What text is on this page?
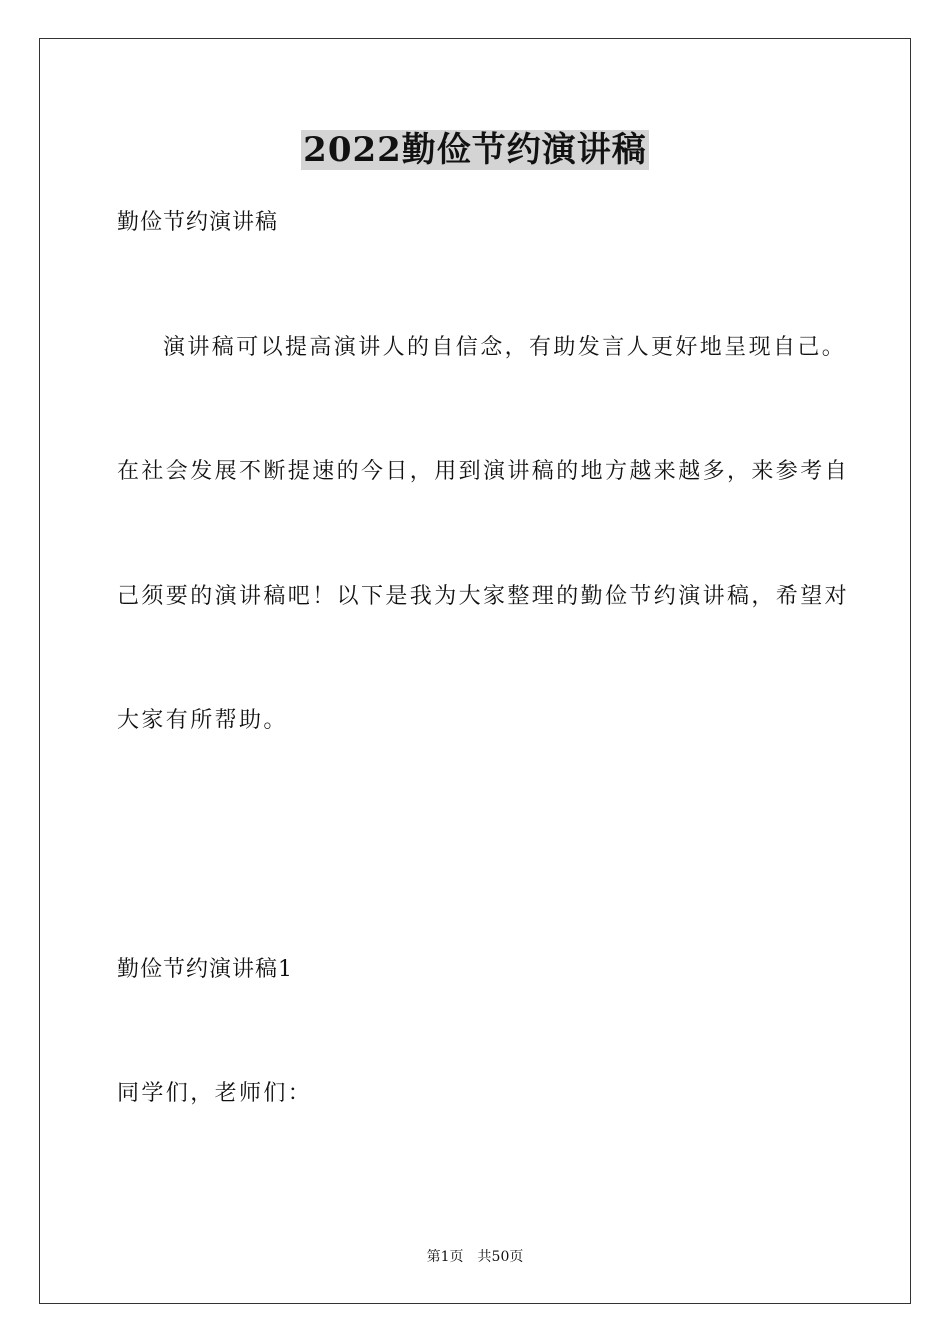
2022勤俭节约演讲稿
勤俭节约演讲稿
演讲稿可以提高演讲人的自信念，有助发言人更好地呈现自己。
在社会发展不断提速的今日，用到演讲稿的地方越来越多，来参考自
己须要的演讲稿吧！以下是我为大家整理的勤俭节约演讲稿，希望对
大家有所帮助。
勤俭节约演讲稿1
同学们，老师们：
第1页 共50页
